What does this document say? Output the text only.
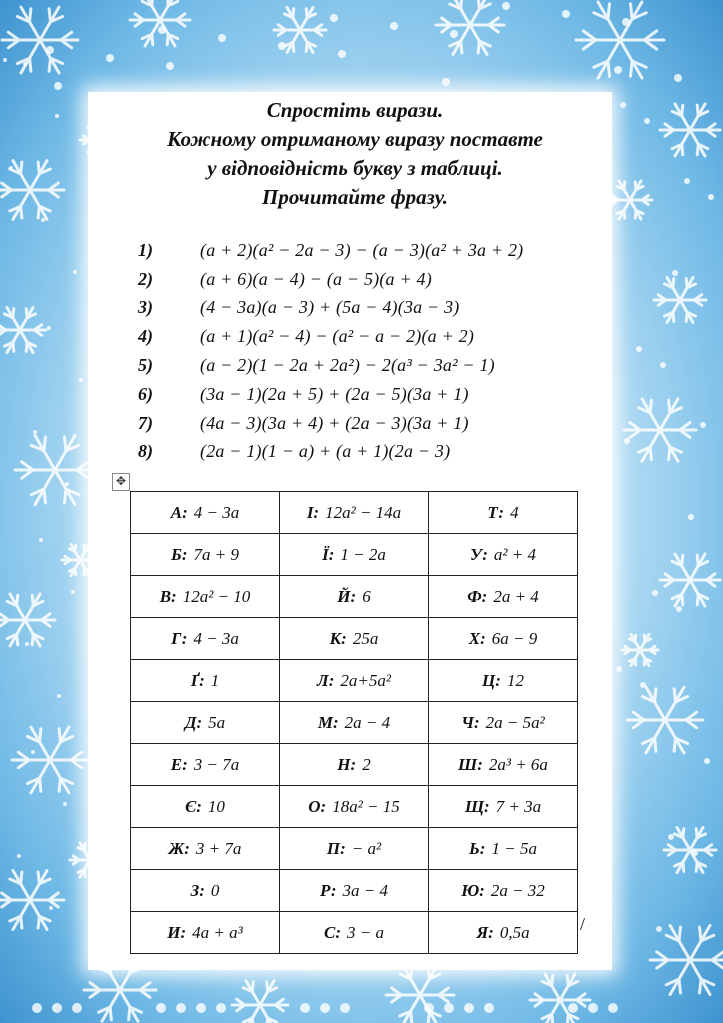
Спростіть вирази.
Кожному отриманому виразу поставте
у відповідність букву з таблиці.
Прочитайте фразу.
1)	(a + 2)(a² − 2a − 3) − (a − 3)(a² + 3a + 2)
2)	(a + 6)(a − 4) − (a − 5)(a + 4)
3)	(4 − 3a)(a − 3) + (5a − 4)(3a − 3)
4)	(a + 1)(a² − 4) − (a² − a − 2)(a + 2)
5)	(a − 2)(1 − 2a + 2a²) − 2(a³ − 3a² − 1)
6)	(3a − 1)(2a + 5) + (2a − 5)(3a + 1)
7)	(4a − 3)(3a + 4) + (2a − 3)(3a + 1)
8)	(2a − 1)(1 − a) + (a + 1)(2a − 3)
✥
А: 4 − 3a	І: 12a² − 14a	Т: 4
Б: 7a + 9	Ї: 1 − 2a	У: a² + 4
В: 12a² − 10	Й: 6	Ф: 2a + 4
Г: 4 − 3a	К: 25a	Х: 6a − 9
Ґ: 1	Л: 2a+5a²	Ц: 12
Д: 5a	М: 2a − 4	Ч: 2a − 5a²
Е: 3 − 7a	Н: 2	Ш: 2a³ + 6a
Є: 10	О: 18a² − 15	Щ: 7 + 3a
Ж: 3 + 7a	П: − a²	Ь: 1 − 5a
З: 0	Р: 3a − 4	Ю: 2a − 32
И: 4a + a³	С: 3 − a	Я: 0,5a	/
